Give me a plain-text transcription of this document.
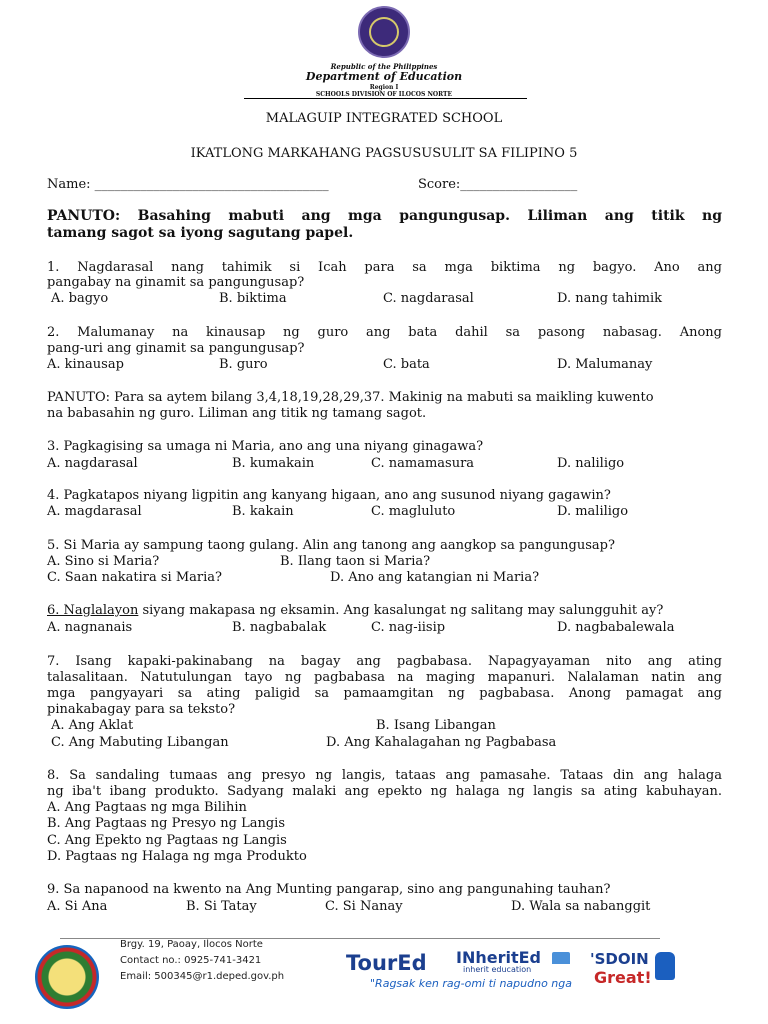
Republic of the Philippines
Department of Education
Region I
SCHOOLS DIVISION OF ILOCOS NORTE
MALAGUIP INTEGRATED SCHOOL
IKATLONG MARKAHANG PAGSUSUSULIT SA FILIPINO 5
Name: ____________________________________	Score:__________________
PANUTO: Basahing mabuti ang mga pangungusap. Liliman ang titik ng
tamang sagot sa iyong sagutang papel.
1. Nagdarasal nang tahimik si Icah para sa mga biktima ng bagyo. Ano ang
pangabay na ginamit sa pangungusap?
A. bagyo	B. biktima	C. nagdarasal	D. nang tahimik
2. Malumanay na kinausap ng guro ang bata dahil sa pasong nabasag. Anong
pang-uri ang ginamit sa pangungusap?
A. kinausap	B. guro	C. bata	D. Malumanay
PANUTO: Para sa aytem bilang 3,4,18,19,28,29,37. Makinig na mabuti sa maikling kuwento
na babasahin ng guro. Liliman ang titik ng tamang sagot.
3. Pagkagising sa umaga ni Maria, ano ang una niyang ginagawa?
A. nagdarasal	B. kumakain	C. namamasura	D. naliligo
4. Pagkatapos niyang ligpitin ang kanyang higaan, ano ang susunod niyang gagawin?
A. magdarasal	B. kakain	C. magluluto	D. maliligo
5. Si Maria ay sampung taong gulang. Alin ang tanong ang aangkop sa pangungusap?
A. Sino si Maria?	B. Ilang taon si Maria?
C. Saan nakatira si Maria?	D. Ano ang katangian ni Maria?
6. Naglalayon siyang makapasa ng eksamin. Ang kasalungat ng salitang may salungguhit ay?
A. nagnanais	B. nagbabalak	C. nag-iisip	D. nagbabalewala
7. Isang kapaki-pakinabang na bagay ang pagbabasa. Napagyayaman nito ang ating
talasalitaan. Natutulungan tayo ng pagbabasa na maging mapanuri. Nalalaman natin ang
mga pangyayari sa ating paligid sa pamaamgitan ng pagbabasa. Anong pamagat ang
pinakabagay para sa teksto?
A. Ang Aklat	B. Isang Libangan
C. Ang Mabuting Libangan	D. Ang Kahalagahan ng Pagbabasa
8. Sa sandaling tumaas ang presyo ng langis, tataas ang pamasahe. Tataas din ang halaga
ng iba't ibang produkto. Sadyang malaki ang epekto ng halaga ng langis sa ating kabuhayan.
A. Ang Pagtaas ng mga Bilihin
B. Ang Pagtaas ng Presyo ng Langis
C. Ang Epekto ng Pagtaas ng Langis
D. Pagtaas ng Halaga ng mga Produkto
9. Sa napanood na kwento na Ang Munting pangarap, sino ang pangunahing tauhan?
A. Si Ana	B. Si Tatay	C. Si Nanay	D. Wala sa nabanggit
Brgy. 19, Paoay, Ilocos Norte
Contact no.: 0925-741-3421
Email: 500345@r1.deped.gov.ph
TourEd INheritEd
inherit education
"Ragsak ken rag-omi ti napudno nga
'SDOIN
Great!
